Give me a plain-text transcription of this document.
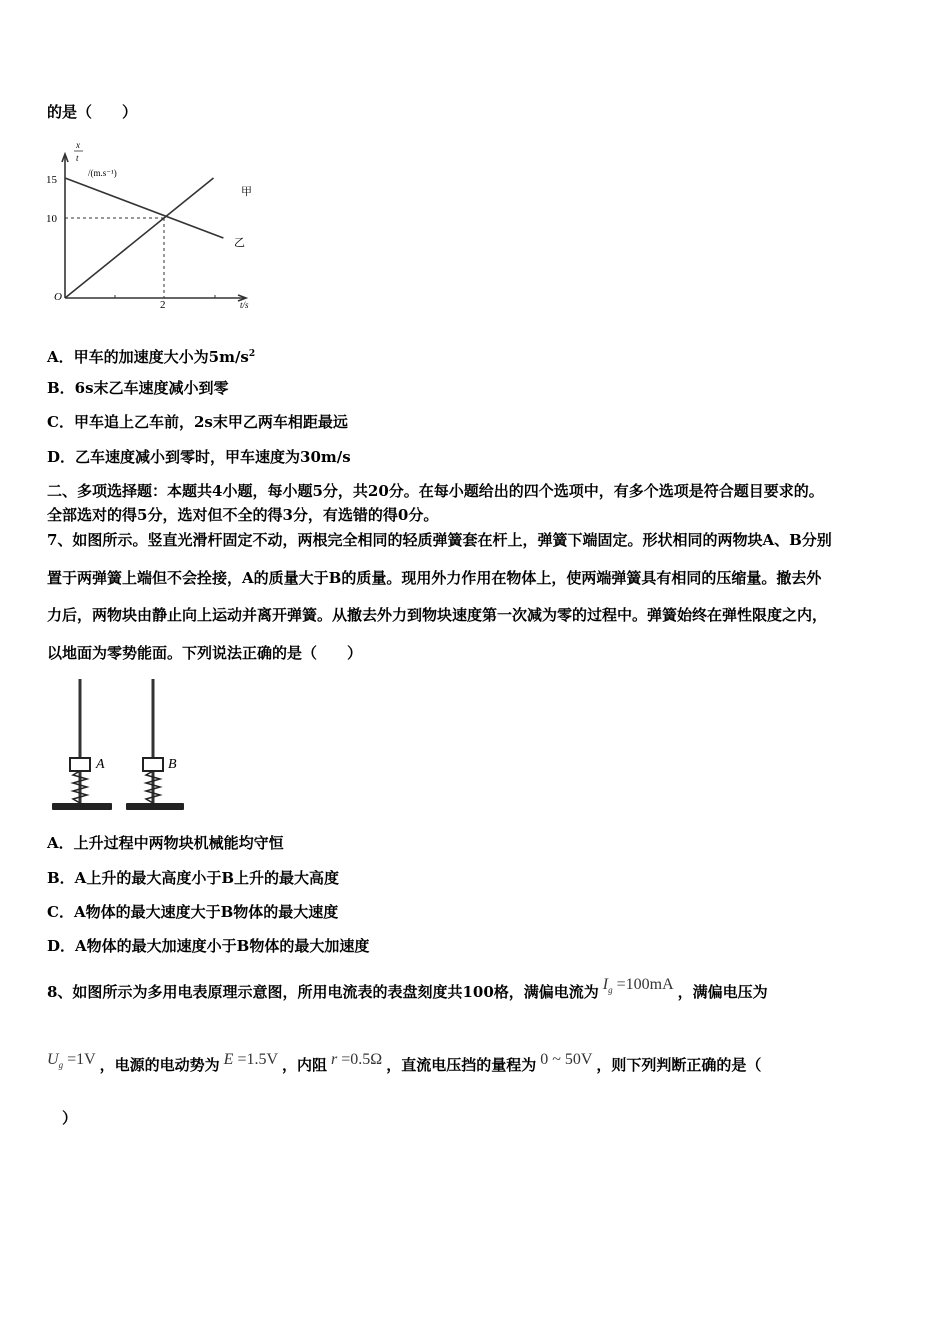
的是（　　）
x
t
/(m.s⁻¹)
15
10
O
2	t/s
甲
乙
A．甲车的加速度大小为$5m/s^2$
B．6s末乙车速度减小到零
C．甲车追上乙车前，2s末甲乙两车相距最远
D．乙车速度减小到零时，甲车速度为30m/s
二、多项选择题：本题共4小题，每小题5分，共20分。在每小题给出的四个选项中，有多个选项是符合题目要求的。
全部选对的得5分，选对但不全的得3分，有选错的得0分。
7、如图所示。竖直光滑杆固定不动，两根完全相同的轻质弹簧套在杆上，弹簧下端固定。形状相同的两物块A、B分别
置于两弹簧上端但不会拴接，A的质量大于B的质量。现用外力作用在物体上，使两端弹簧具有相同的压缩量。撤去外
力后，两物块由静止向上运动并离开弹簧。从撤去外力到物块速度第一次减为零的过程中。弹簧始终在弹性限度之内，
以地面为零势能面。下列说法正确的是（　　）
A	B
A．上升过程中两物块机械能均守恒
B．A上升的最大高度小于B上升的最大高度
C．A物体的最大速度大于B物体的最大速度
D．A物体的最大加速度小于B物体的最大加速度
8、如图所示为多用电表原理示意图，所用电流表的表盘刻度共100格，满偏电流为 $I_g =100mA$ ，满偏电压为
$U_g =1V$ ，电源的电动势为 E =1.5V ，内阻 r =0.5Ω ，直流电压挡的量程为 0 ~ 50V ，则下列判断正确的是（
）
